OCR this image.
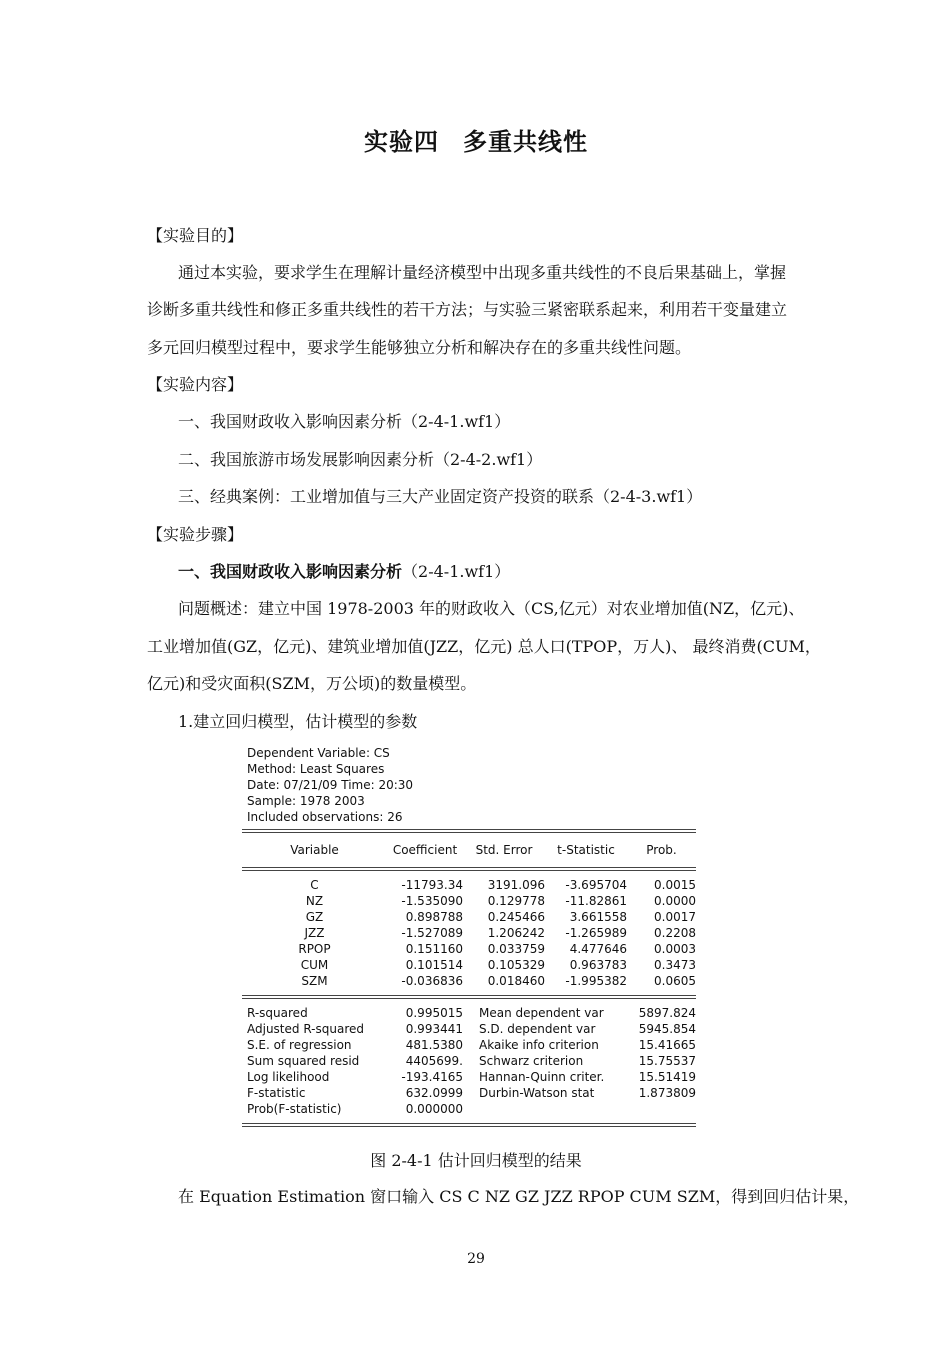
实验四 多重共线性
【实验目的】
通过本实验，要求学生在理解计量经济模型中出现多重共线性的不良后果基础上，掌握
诊断多重共线性和修正多重共线性的若干方法；与实验三紧密联系起来，利用若干变量建立
多元回归模型过程中，要求学生能够独立分析和解决存在的多重共线性问题。
【实验内容】
一、我国财政收入影响因素分析（2-4-1.wf1）
二、我国旅游市场发展影响因素分析（2-4-2.wf1）
三、经典案例：工业增加值与三大产业固定资产投资的联系（2-4-3.wf1）
【实验步骤】
一、我国财政收入影响因素分析（2-4-1.wf1）
问题概述：建立中国 1978-2003 年的财政收入（CS,亿元）对农业增加值(NZ，亿元)、
工业增加值(GZ，亿元)、建筑业增加值(JZZ，亿元) 总人口(TPOP，万人)、 最终消费(CUM，
亿元)和受灾面积(SZM，万公顷)的数量模型。
1.建立回归模型，估计模型的参数
Dependent Variable: CS
Method: Least Squares
Date: 07/21/09 Time: 20:30
Sample: 1978 2003
Included observations: 26
Variable	Coefficient	Std. Error	t-Statistic	Prob.
C	-11793.34	3191.096	-3.695704	0.0015
NZ	-1.535090	0.129778	-11.82861	0.0000
GZ	0.898788	0.245466	3.661558	0.0017
JZZ	-1.527089	1.206242	-1.265989	0.2208
RPOP	0.151160	0.033759	4.477646	0.0003
CUM	0.101514	0.105329	0.963783	0.3473
SZM	-0.036836	0.018460	-1.995382	0.0605
R-squared	0.995015	Mean dependent var	5897.824
Adjusted R-squared	0.993441	S.D. dependent var	5945.854
S.E. of regression	481.5380	Akaike info criterion	15.41665
Sum squared resid	4405699.	Schwarz criterion	15.75537
Log likelihood	-193.4165	Hannan-Quinn criter.	15.51419
F-statistic	632.0999	Durbin-Watson stat	1.873809
Prob(F-statistic)	0.000000		
图 2-4-1 估计回归模型的结果
在 Equation Estimation 窗口输入 CS C NZ GZ JZZ RPOP CUM SZM，得到回归估计果，
29
